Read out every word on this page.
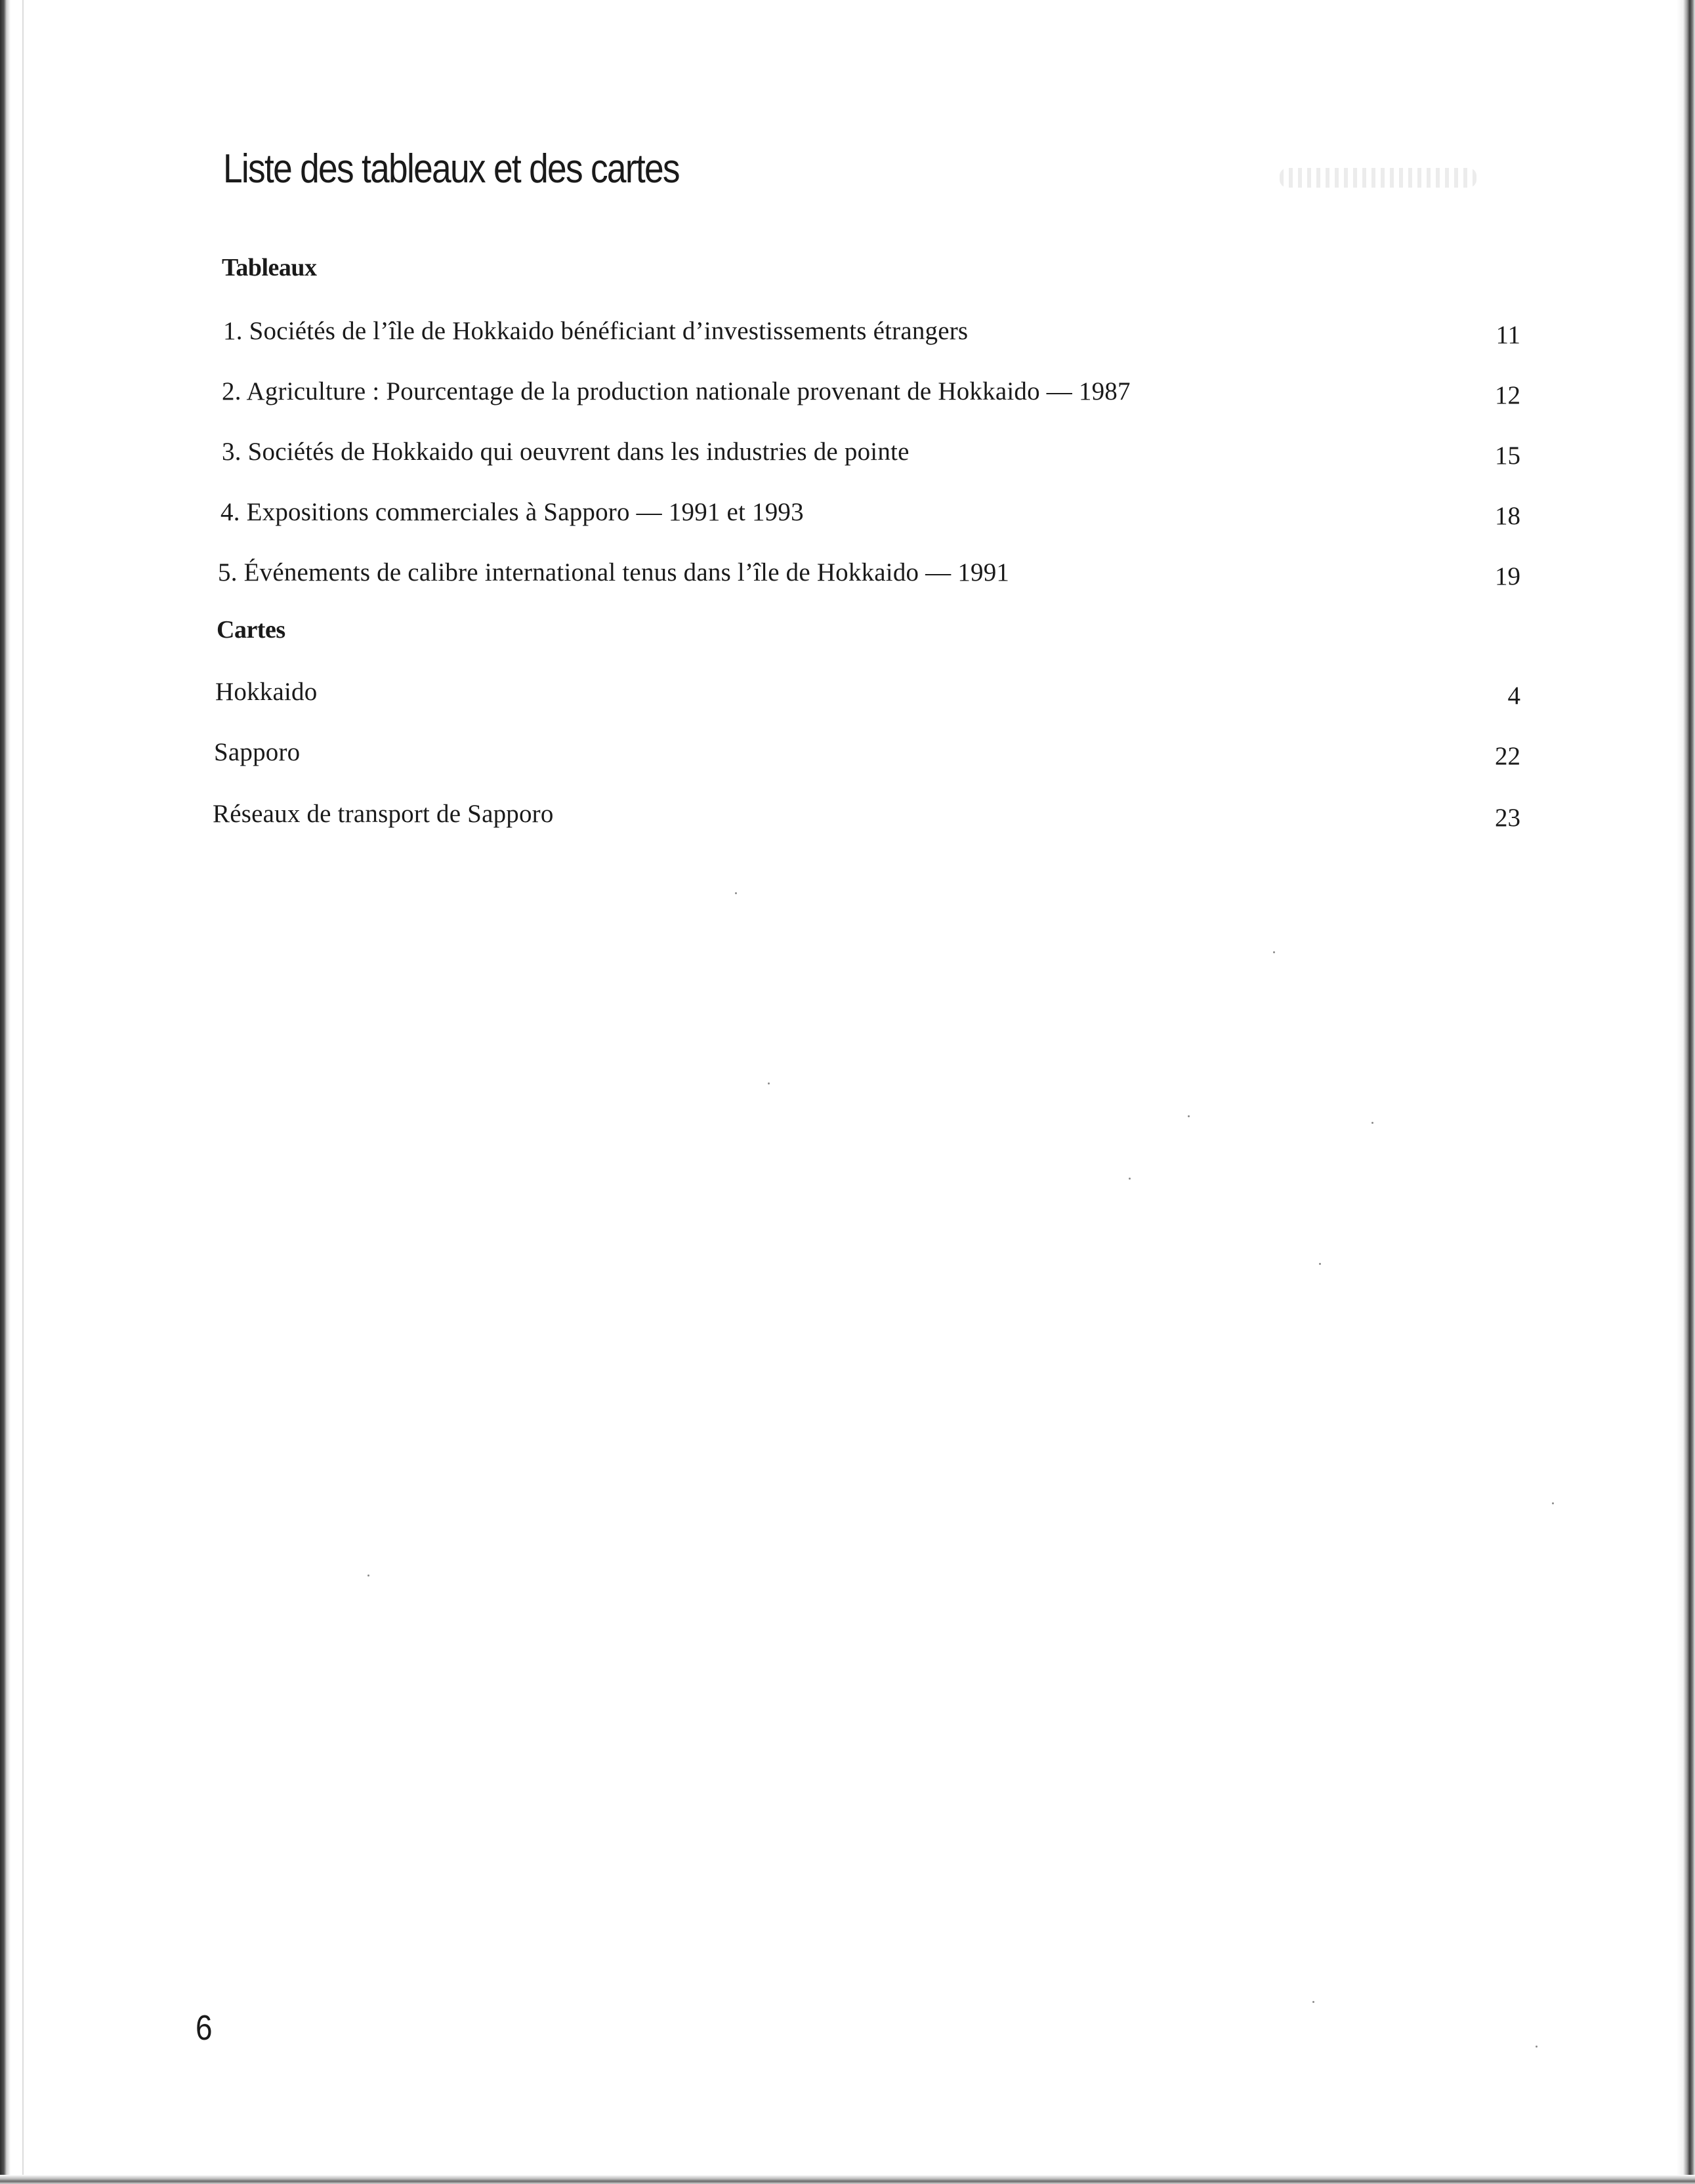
Liste des tableaux et des cartes
Tableaux
1. Sociétés de l’île de Hokkaido bénéficiant d’investissements étrangers	11
2. Agriculture : Pourcentage de la production nationale provenant de Hokkaido — 1987	12
3. Sociétés de Hokkaido qui oeuvrent dans les industries de pointe	15
4. Expositions commerciales à Sapporo — 1991 et 1993	18
5. Événements de calibre international tenus dans l’île de Hokkaido — 1991	19
Cartes
Hokkaido	4
Sapporo	22
Réseaux de transport de Sapporo	23
6
